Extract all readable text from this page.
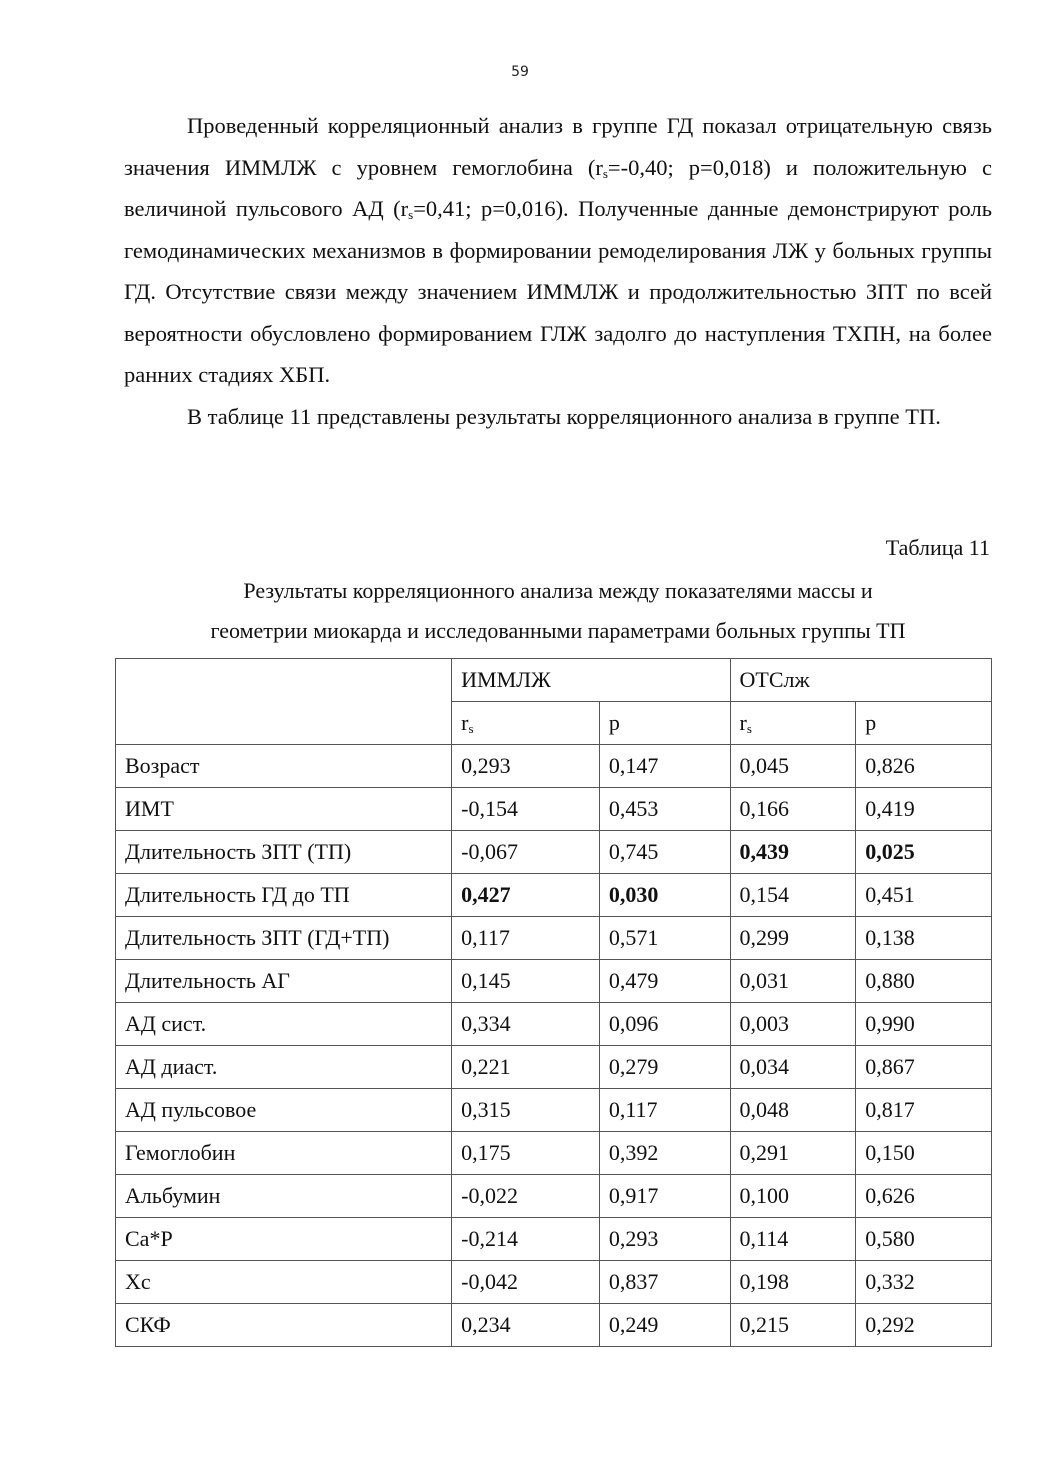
59

Проведенный корреляционный анализ в группе ГД показал отрицательную связь значения ИММЛЖ с уровнем гемоглобина ($r_s=-0,40$; p=0,018) и положительную с величиной пульсового АД ($r_s=0,41$; p=0,016). Полученные данные демонстрируют роль гемодинамических механизмов в формировании ремоделирования ЛЖ у больных группы ГД. Отсутствие связи между значением ИММЛЖ и продолжительностью ЗПТ по всей вероятности обусловлено формированием ГЛЖ задолго до наступления ТХПН, на более ранних стадиях ХБП.

В таблице 11 представлены результаты корреляционного анализа в группе ТП.

Таблица 11
Результаты корреляционного анализа между показателями массы и
геометрии миокарда и исследованными параметрами больных группы ТП
	ИММЛЖ		ОТСлж	
	$r_s$	p	$r_s$	p
Возраст	0,293	0,147	0,045	0,826
ИМТ	-0,154	0,453	0,166	0,419
Длительность ЗПТ (ТП)	-0,067	0,745	0,439	0,025
Длительность ГД до ТП	0,427	0,030	0,154	0,451
Длительность ЗПТ (ГД+ТП)	0,117	0,571	0,299	0,138
Длительность АГ	0,145	0,479	0,031	0,880
АД сист.	0,334	0,096	0,003	0,990
АД диаст.	0,221	0,279	0,034	0,867
АД пульсовое	0,315	0,117	0,048	0,817
Гемоглобин	0,175	0,392	0,291	0,150
Альбумин	-0,022	0,917	0,100	0,626
Ca*P	-0,214	0,293	0,114	0,580
Хс	-0,042	0,837	0,198	0,332
СКФ	0,234	0,249	0,215	0,292
